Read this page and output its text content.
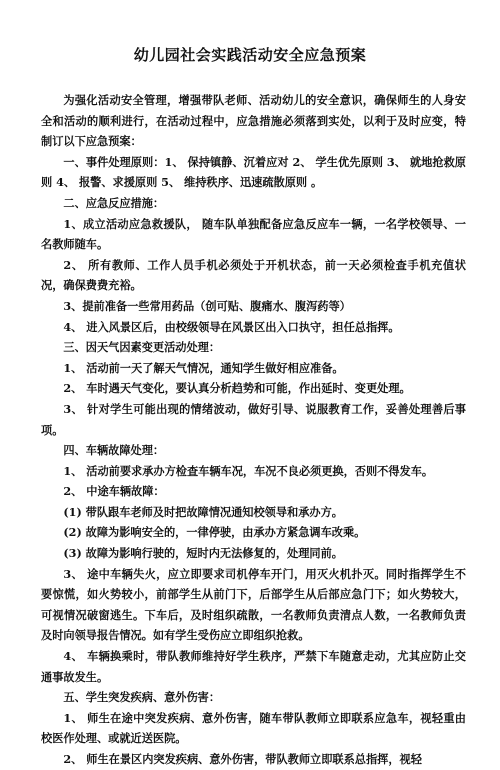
幼儿园社会实践活动安全应急预案

为强化活动安全管理，增强带队老师、活动幼儿的安全意识，确保师生的人身安全和活动的顺利进行，在活动过程中，应急措施必须落到实处，以利于及时应变，特制订以下应急预案：

一、事件处理原则：1、 保持镇静、沉着应对 2、 学生优先原则 3、 就地抢救原则 4、 报警、求援原则 5、 维持秩序、迅速疏散原则 。

二、应急反应措施：

1、成立活动应急救援队， 随车队单独配备应急反应车一辆，一名学校领导、一名教师随车。

2、 所有教师、工作人员手机必须处于开机状态，前一天必须检查手机充值状况，确保费费充裕。

3、提前准备一些常用药品（创可贴、腹痛水、腹泻药等）

4、 进入风景区后，由校级领导在风景区出入口执守，担任总指挥。

三、因天气因素变更活动处理：

1、 活动前一天了解天气情况，通知学生做好相应准备。

2、 车时遇天气变化，要认真分析趋势和可能，作出延时、变更处理。

3、 针对学生可能出现的情绪波动，做好引导、说服教育工作，妥善处理善后事项。

四、车辆故障处理：

1、 活动前要求承办方检查车辆车况，车况不良必须更换，否则不得发车。

2、 中途车辆故障：

(1) 带队跟车老师及时把故障情况通知校领导和承办方。

(2) 故障为影响安全的，一律停驶，由承办方紧急调车改乘。

(3) 故障为影响行驶的，短时内无法修复的，处理同前。

3、 途中车辆失火，应立即要求司机停车开门，用灭火机扑灭。同时指挥学生不要惊慌，如火势较小，前部学生从前门下，后部学生从后部应急门下；如火势较大，可视情况破窗逃生。下车后，及时组织疏散，一名教师负责清点人数，一名教师负责及时向领导报告情况。如有学生受伤应立即组织抢救。

4、 车辆换乘时，带队教师维持好学生秩序，严禁下车随意走动，尤其应防止交通事故发生。

五、学生突发疾病、意外伤害：

1、 师生在途中突发疾病、意外伤害，随车带队教师立即联系应急车，视轻重由校医作处理、或就近送医院。

2、 师生在景区内突发疾病、意外伤害，带队教师立即联系总指挥，视轻
